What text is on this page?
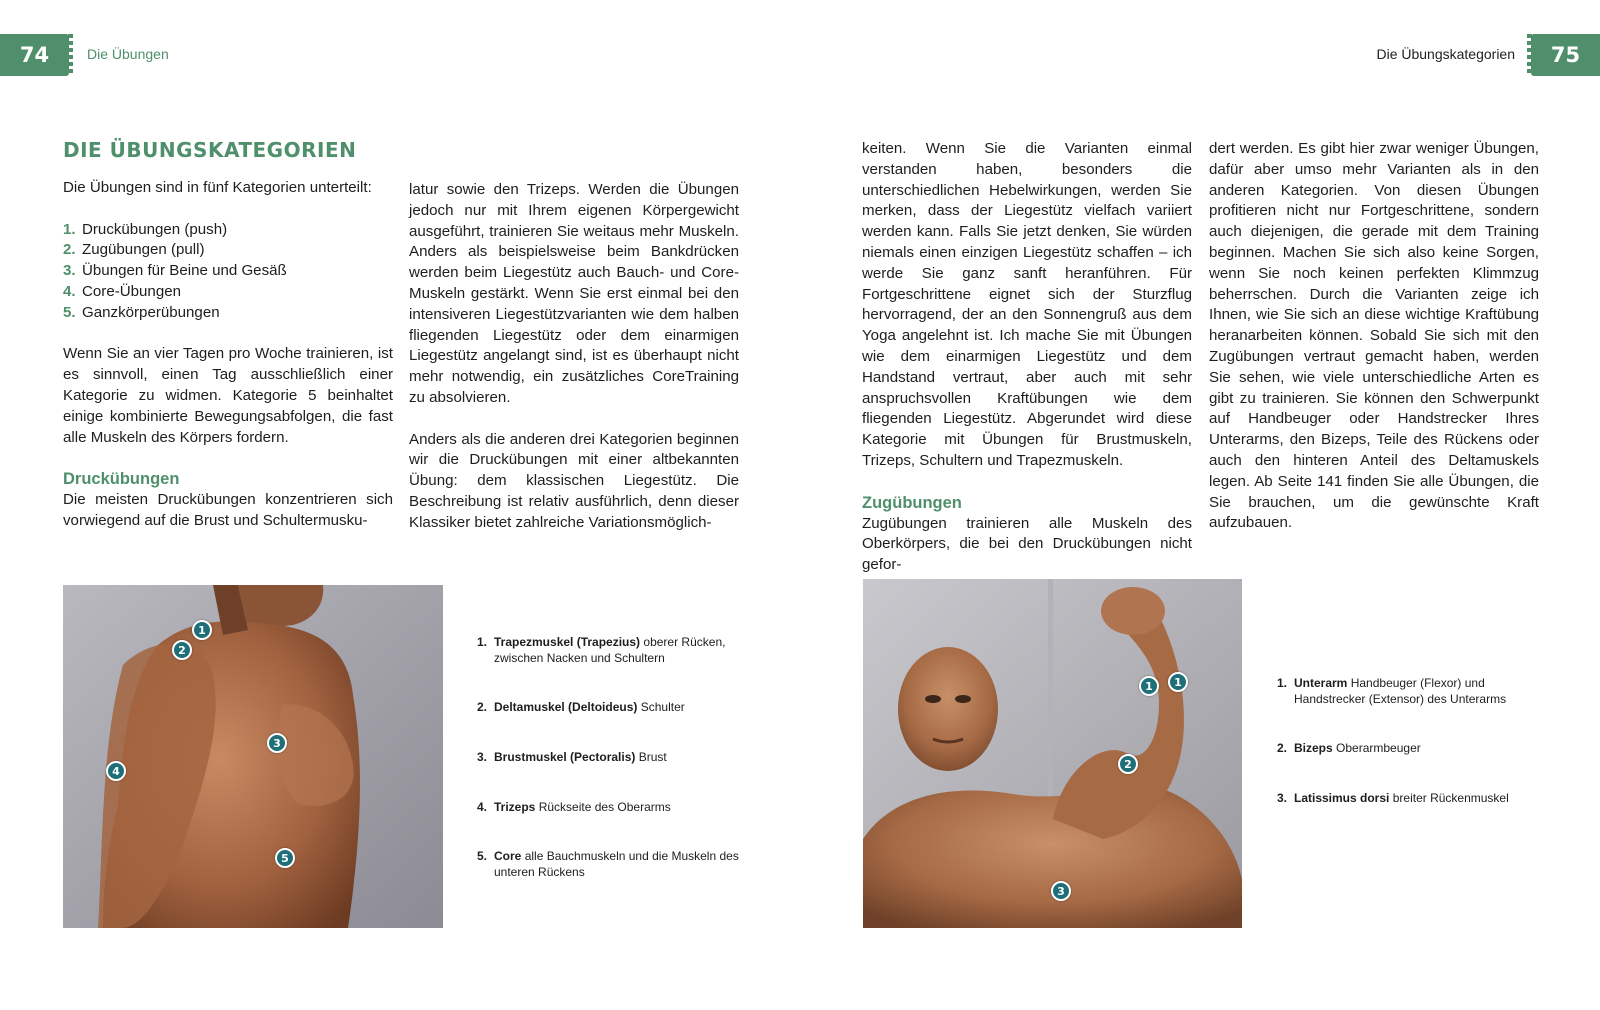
74	Die Übungen	Die Übungskategorien	75
DIE ÜBUNGSKATEGORIEN

Die Übungen sind in fünf Kategorien unterteilt:

1. Druckübungen (push)
2. Zugübungen (pull)
3. Übungen für Beine und Gesäß
4. Core-Übungen
5. Ganzkörperübungen

Wenn Sie an vier Tagen pro Woche trainieren, ist es sinnvoll, einen Tag ausschließlich einer Kategorie zu widmen. Kategorie 5 beinhaltet einige kombinierte Bewegungsabfolgen, die fast alle Muskeln des Körpers fordern.

Druckübungen

Die meisten Druckübungen konzentrieren sich vorwiegend auf die Brust und Schultermusku-

latur sowie den Trizeps. Werden die Übungen jedoch nur mit Ihrem eigenen Körpergewicht ausgeführt, trainieren Sie weitaus mehr Muskeln. Anders als beispielsweise beim Bankdrücken werden beim Liegestütz auch Bauch- und Core-Muskeln gestärkt. Wenn Sie erst einmal bei den intensiveren Liegestützvarianten wie dem halben fliegenden Liegestütz oder dem einarmigen Liegestütz angelangt sind, ist es überhaupt nicht mehr notwendig, ein zusätzliches CoreTraining zu absolvieren.

Anders als die anderen drei Kategorien beginnen wir die Druckübungen mit einer altbekannten Übung: dem klassischen Liegestütz. Die Beschreibung ist relativ ausführlich, denn dieser Klassiker bietet zahlreiche Variationsmöglich-

keiten. Wenn Sie die Varianten einmal verstanden haben, besonders die unterschiedlichen Hebelwirkungen, werden Sie merken, dass der Liegestütz vielfach variiert werden kann. Falls Sie jetzt denken, Sie würden niemals einen einzigen Liegestütz schaffen – ich werde Sie ganz sanft heranführen. Für Fortgeschrittene eignet sich der Sturzflug hervorragend, der an den Sonnengruß aus dem Yoga angelehnt ist. Ich mache Sie mit Übungen wie dem einarmigen Liegestütz und dem Handstand vertraut, aber auch mit sehr anspruchsvollen Kraftübungen wie dem fliegenden Liegestütz. Abgerundet wird diese Kategorie mit Übungen für Brustmuskeln, Trizeps, Schultern und Trapezmuskeln.

Zugübungen

Zugübungen trainieren alle Muskeln des Oberkörpers, die bei den Druckübungen nicht gefor-

dert werden. Es gibt hier zwar weniger Übungen, dafür aber umso mehr Varianten als in den anderen Kategorien. Von diesen Übungen profitieren nicht nur Fortgeschrittene, sondern auch diejenigen, die gerade mit dem Training beginnen. Machen Sie sich also keine Sorgen, wenn Sie noch keinen perfekten Klimmzug beherrschen. Durch die Varianten zeige ich Ihnen, wie Sie sich an diese wichtige Kraftübung heranarbeiten können. Sobald Sie sich mit den Zugübungen vertraut gemacht haben, werden Sie sehen, wie viele unterschiedliche Arten es gibt zu trainieren. Sie können den Schwerpunkt auf Handbeuger oder Handstrecker Ihres Unterarms, den Bizeps, Teile des Rückens oder auch den hinteren Anteil des Deltamuskels legen. Ab Seite 141 finden Sie alle Übungen, die Sie brauchen, um die gewünschte Kraft aufzubauen.

1
2
3
4
5
1. Trapezmuskel (Trapezius) oberer Rücken, zwischen Nacken und Schultern
2. Deltamuskel (Deltoideus) Schulter
3. Brustmuskel (Pectoralis) Brust
4. Trizeps Rückseite des Oberarms
5. Core alle Bauchmuskeln und die Muskeln des unteren Rückens
1	1
2
3
1. Unterarm Handbeuger (Flexor) und Handstrecker (Extensor) des Unterarms
2. Bizeps Oberarmbeuger
3. Latissimus dorsi breiter Rückenmuskel
